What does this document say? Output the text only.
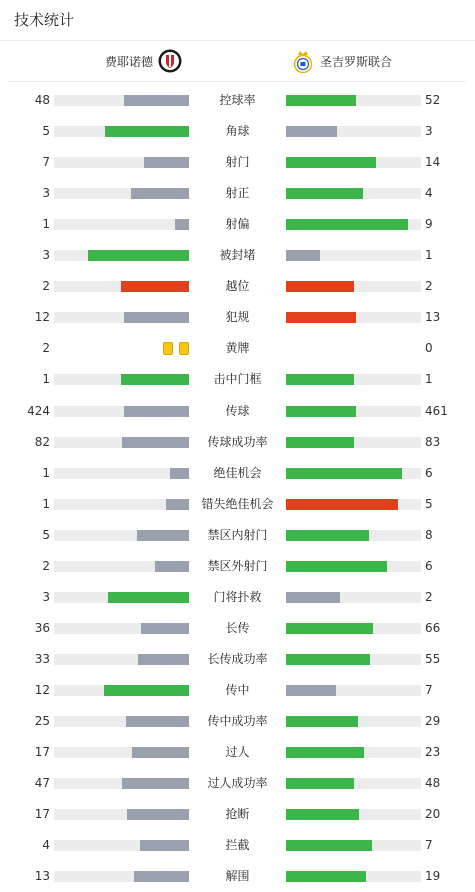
技术统计
费耶诺德	圣吉罗斯联合
48	控球率	52
5	角球	3
7	射门	14
3	射正	4
1	射偏	9
3	被封堵	1
2	越位	2
12	犯规	13
2	黄牌	0
1	击中门框	1
424	传球	461
82	传球成功率	83
1	绝佳机会	6
1	错失绝佳机会	5
5	禁区内射门	8
2	禁区外射门	6
3	门将扑救	2
36	长传	66
33	长传成功率	55
12	传中	7
25	传中成功率	29
17	过人	23
47	过人成功率	48
17	抢断	20
4	拦截	7
13	解围	19
